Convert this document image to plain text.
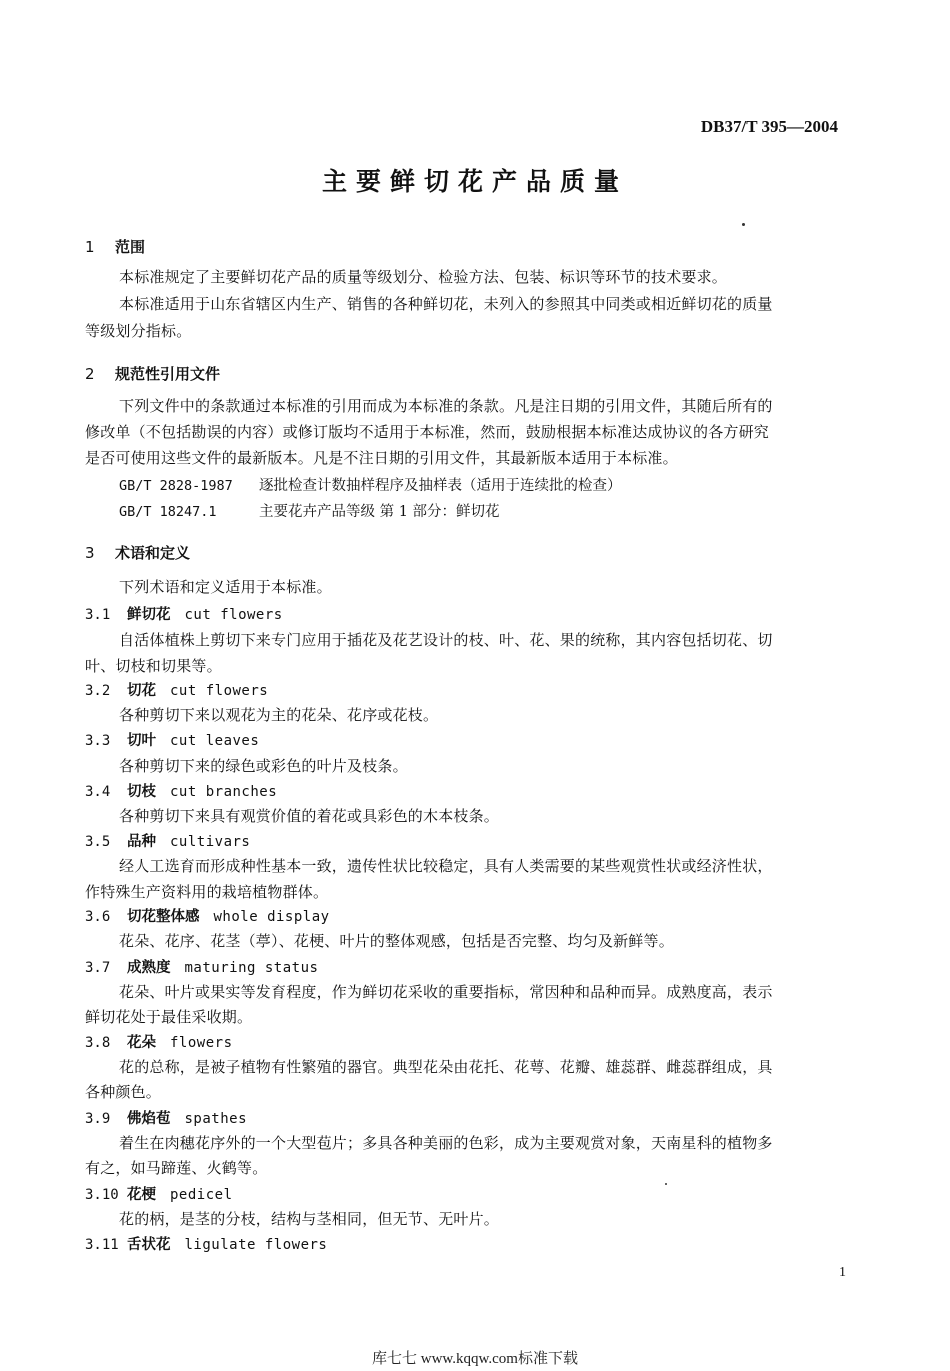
DB37/T 395—2004
主要鲜切花产品质量
1 范围
本标准规定了主要鲜切花产品的质量等级划分、检验方法、包装、标识等环节的技术要求。
本标准适用于山东省辖区内生产、销售的各种鲜切花，未列入的参照其中同类或相近鲜切花的质量
等级划分指标。
2 规范性引用文件
下列文件中的条款通过本标准的引用而成为本标准的条款。凡是注日期的引用文件，其随后所有的
修改单（不包括勘误的内容）或修订版均不适用于本标准，然而，鼓励根据本标准达成协议的各方研究
是否可使用这些文件的最新版本。凡是不注日期的引用文件，其最新版本适用于本标准。
GB/T 2828-1987 逐批检查计数抽样程序及抽样表（适用于连续批的检查）
GB/T 18247.1	主要花卉产品等级 第 1 部分：鲜切花
3 术语和定义
下列术语和定义适用于本标准。
3.1 鲜切花 cut flowers
自活体植株上剪切下来专门应用于插花及花艺设计的枝、叶、花、果的统称，其内容包括切花、切
叶、切枝和切果等。
3.2 切花 cut flowers
各种剪切下来以观花为主的花朵、花序或花枝。
3.3 切叶 cut leaves
各种剪切下来的绿色或彩色的叶片及枝条。
3.4 切枝 cut branches
各种剪切下来具有观赏价值的着花或具彩色的木本枝条。
3.5 品种 cultivars
经人工选育而形成种性基本一致，遗传性状比较稳定，具有人类需要的某些观赏性状或经济性状，
作特殊生产资料用的栽培植物群体。
3.6 切花整体感 whole display
花朵、花序、花茎（葶）、花梗、叶片的整体观感，包括是否完整、均匀及新鲜等。
3.7 成熟度 maturing status
花朵、叶片或果实等发育程度，作为鲜切花采收的重要指标，常因种和品种而异。成熟度高，表示
鲜切花处于最佳采收期。
3.8 花朵 flowers
花的总称，是被子植物有性繁殖的器官。典型花朵由花托、花萼、花瓣、雄蕊群、雌蕊群组成，具
各种颜色。
3.9 佛焰苞 spathes
着生在肉穗花序外的一个大型苞片；多具各种美丽的色彩，成为主要观赏对象，天南星科的植物多
有之，如马蹄莲、火鹤等。
3.10 花梗 pedicel
花的柄，是茎的分枝，结构与茎相同，但无节、无叶片。
3.11 舌状花 ligulate flowers
1
库七七 www.kqqw.com标准下载
